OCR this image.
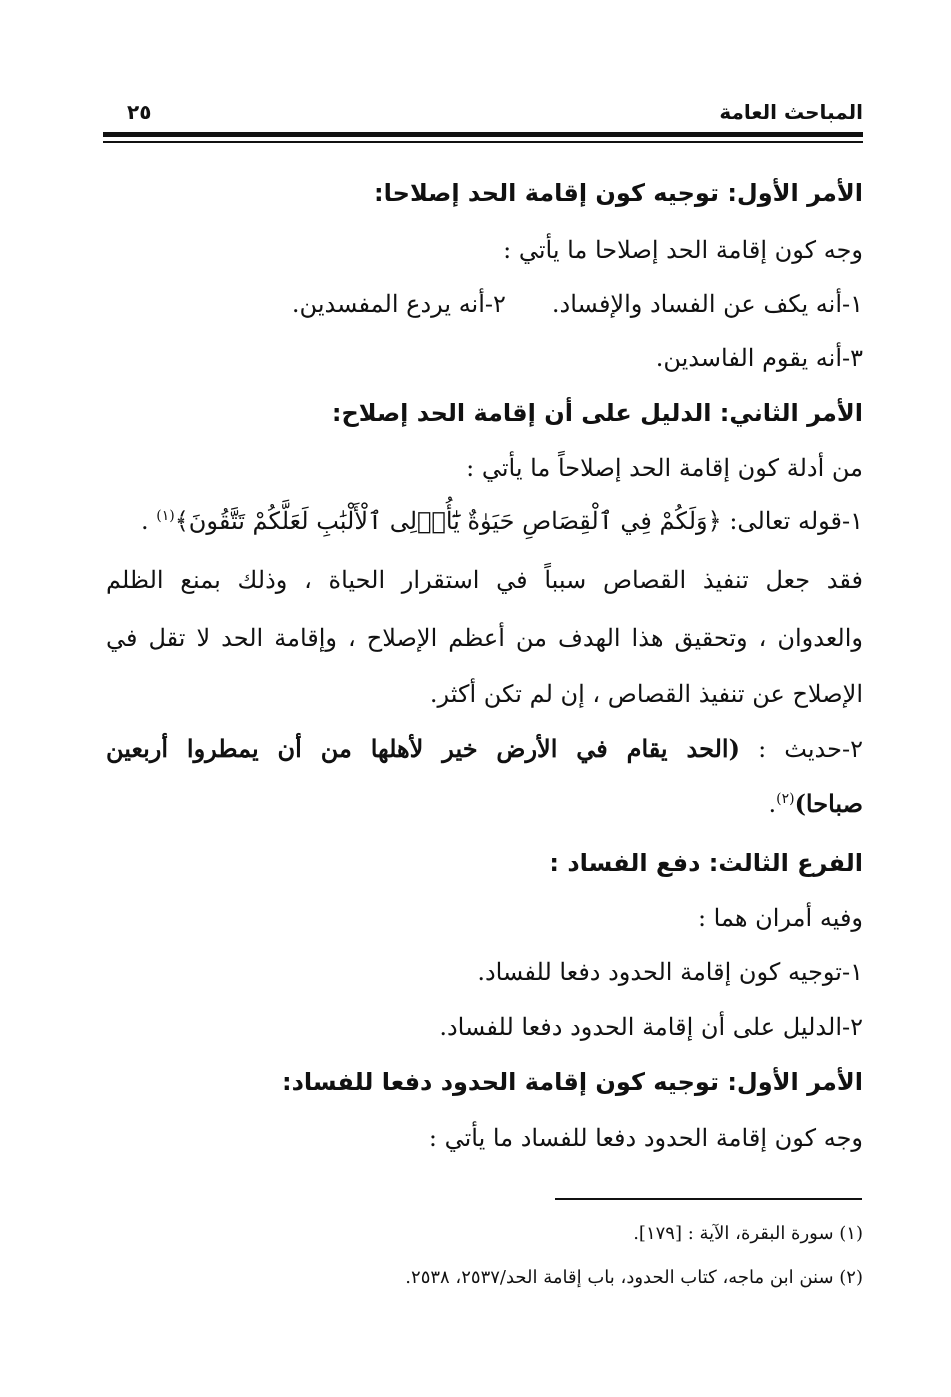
المباحث العامة
٢٥
الأمر الأول: توجيه كون إقامة الحد إصلاحا:
وجه كون إقامة الحد إصلاحا ما يأتي :
١-أنه يكف عن الفساد والإفساد.٢-أنه يردع المفسدين.
٣-أنه يقوم الفاسدين.
الأمر الثاني: الدليل على أن إقامة الحد إصلاح:
من أدلة كون إقامة الحد إصلاحاً ما يأتي :
١-قوله تعالى: ﴿وَلَكُمْ فِي ٱلْقِصَاصِ حَيَوٰةٌ يَٰٓأُو۟لِى ٱلْأَلْبَٰبِ لَعَلَّكُمْ تَتَّقُونَ﴾$^{(١)}$ .
فقد جعل تنفيذ القصاص سبباً في استقرار الحياة ، وذلك بمنع الظلم
والعدوان ، وتحقيق هذا الهدف من أعظم الإصلاح ، وإقامة الحد لا تقل في
الإصلاح عن تنفيذ القصاص ، إن لم تكن أكثر.
٢-حديث : (الحد يقام في الأرض خير لأهلها من أن يمطروا أربعين
صباحا)$^{(٢)}$.
الفرع الثالث: دفع الفساد :
وفيه أمران هما :
١-توجيه كون إقامة الحدود دفعا للفساد.
٢-الدليل على أن إقامة الحدود دفعا للفساد.
الأمر الأول: توجيه كون إقامة الحدود دفعا للفساد:
وجه كون إقامة الحدود دفعا للفساد ما يأتي :
(١) سورة البقرة، الآية : [١٧٩].
(٢) سنن ابن ماجه، كتاب الحدود، باب إقامة الحد/٢٥٣٧، ٢٥٣٨.
